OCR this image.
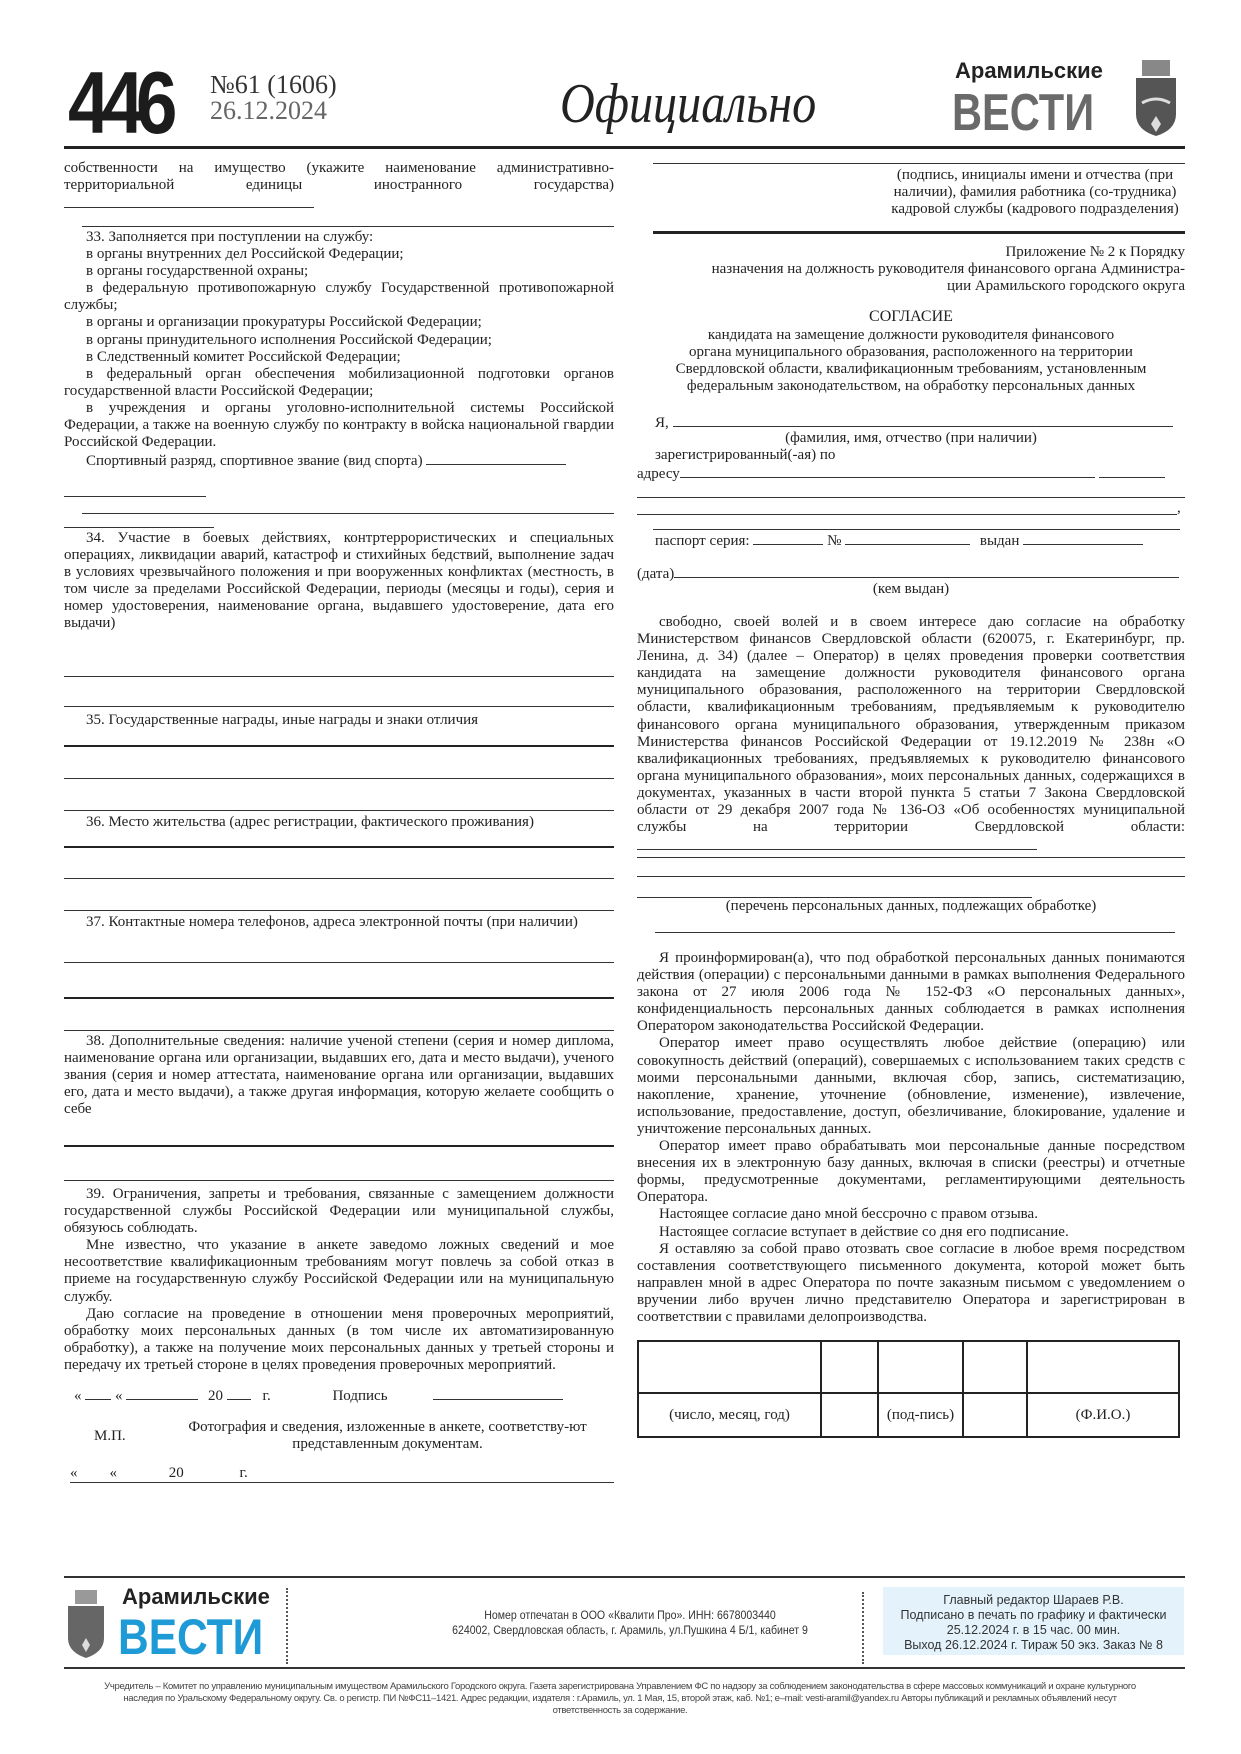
446 №61 (1606)
26.12.2024	Официально
Арамильские
ВЕСТИ
собственности на имущество (укажите наименование административно-территориальной единицы иностранного государства)
33. Заполняется при поступлении на службу:
в органы внутренних дел Российской Федерации;
в органы государственной охраны;
в федеральную противопожарную службу Государственной противопожарной службы;
в органы и организации прокуратуры Российской Федерации;
в органы принудительного исполнения Российской Федерации;
в Следственный комитет Российской Федерации;
в федеральный орган обеспечения мобилизационной подготовки органов государственной власти Российской Федерации;
в учреждения и органы уголовно-исполнительной системы Российской Федерации, а также на военную службу по контракту в войска национальной гвардии Российской Федерации.
Спортивный разряд, спортивное звание (вид спорта)
34. Участие в боевых действиях, контртеррористических и специальных операциях, ликвидации аварий, катастроф и стихийных бедствий, выполнение задач в условиях чрезвычайного положения и при вооруженных конфликтах (местность, в том числе за пределами Российской Федерации, периоды (месяцы и годы), серия и номер удостоверения, наименование органа, выдавшего удостоверение, дата его выдачи)
35. Государственные награды, иные награды и знаки отличия
36. Место жительства (адрес регистрации, фактического проживания)
37. Контактные номера телефонов, адреса электронной почты (при наличии)
38. Дополнительные сведения: наличие ученой степени (серия и номер диплома, наименование органа или организации, выдавших его, дата и место выдачи), ученого звания (серия и номер аттестата, наименование органа или организации, выдавших его, дата и место выдачи), а также другая информация, которую желаете сообщить о себе
39. Ограничения, запреты и требования, связанные с замещением должности государственной службы Российской Федерации или муниципальной службы, обязуюсь соблюдать.
Мне известно, что указание в анкете заведомо ложных сведений и мое несоответствие квалификационным требованиям могут повлечь за собой отказ в приеме на государственную службу Российской Федерации или на муниципальную службу.
Даю согласие на проведение в отношении меня проверочных мероприятий, обработку моих персональных данных (в том числе их автоматизированную обработку), а также на получение моих персональных данных у третьей стороны и передачу их третьей стороне в целях проведения проверочных мероприятий.
« «	20	г.	Подпись
М.П.
Фотография и сведения, изложенные в анкете, соответству-ют представленным документам.
« «	20	г.
(подпись, инициалы имени и отчества (при наличии), фамилия работника (со-трудника) кадровой службы (кадрового подразделения)
Приложение № 2 к Порядку
назначения на должность руководителя финансового органа Администра-
ции Арамильского городского округа
СОГЛАСИЕ
кандидата на замещение должности руководителя финансового
органа муниципального образования, расположенного на территории
Свердловской области, квалификационным требованиям, установленным
федеральным законодательством, на обработку персональных данных
Я,
(фамилия, имя, отчество (при наличии)
зарегистрированный(-ая) по
адресу
,
паспорт серия:	№	выдан
(дата)
(кем выдан)
свободно, своей волей и в своем интересе даю согласие на обработку Министерством финансов Свердловской области (620075, г. Екатеринбург, пр. Ленина, д. 34) (далее – Оператор) в целях проведения проверки соответствия кандидата на замещение должности руководителя финансового органа муниципального образования, расположенного на территории Свердловской области, квалификационным требованиям, предъявляемым к руководителю финансового органа муниципального образования, утвержденным приказом Министерства финансов Российской Федерации от 19.12.2019 № 238н «О квалификационных требованиях, предъявляемых к руководителю финансового органа муниципального образования», моих персональных данных, содержащихся в документах, указанных в части второй пункта 5 статьи 7 Закона Свердловской области от 29 декабря 2007 года № 136-ОЗ «Об особенностях муниципальной службы на территории Свердловской области:
(перечень персональных данных, подлежащих обработке)
Я проинформирован(а), что под обработкой персональных данных понимаются действия (операции) с персональными данными в рамках выполнения Федерального закона от 27 июля 2006 года № 152-ФЗ «О персональных данных», конфиденциальность персональных данных соблюдается в рамках исполнения Оператором законодательства Российской Федерации.
Оператор имеет право осуществлять любое действие (операцию) или совокупность действий (операций), совершаемых с использованием таких средств с моими персональными данными, включая сбор, запись, систематизацию, накопление, хранение, уточнение (обновление, изменение), извлечение, использование, предоставление, доступ, обезличивание, блокирование, удаление и уничтожение персональных данных.
Оператор имеет право обрабатывать мои персональные данные посредством внесения их в электронную базу данных, включая в списки (реестры) и отчетные формы, предусмотренные документами, регламентирующими деятельность Оператора.
Настоящее согласие дано мной бессрочно с правом отзыва.
Настоящее согласие вступает в действие со дня его подписание.
Я оставляю за собой право отозвать свое согласие в любое время посредством составления соответствующего письменного документа, которой может быть направлен мной в адрес Оператора по почте заказным письмом с уведомлением о вручении либо вручен лично представителю Оператора и зарегистрирован в соответствии с правилами делопроизводства.

(число, месяц, год)		(под-пись)		(Ф.И.О.)
Арамильские
ВЕСТИ	Номер отпечатан в ООО «Квалити Про». ИНН: 6678003440
624002, Свердловская область, г. Арамиль, ул.Пушкина 4 Б/1, кабинет 9
Главный редактор Шараев Р.В.
Подписано в печать по графику и фактически
25.12.2024 г. в 15 час. 00 мин.
Выход 26.12.2024 г. Тираж 50 экз. Заказ № 8
Учредитель – Комитет по управлению муниципальным имуществом Арамильского Городского округа. Газета зарегистрирована Управлением ФС по надзору за соблюдением законодательства в сфере массовых коммуникаций и охране культурного наследия по Уральскому Федеральному округу. Св. о регистр. ПИ №ФС11–1421. Адрес редакции, издателя : г.Арамиль, ул. 1 Мая, 15, второй этаж, каб. №1; e–mail: vesti-aramil@yandex.ru Авторы публикаций и рекламных объявлений несут ответственность за содержание.
